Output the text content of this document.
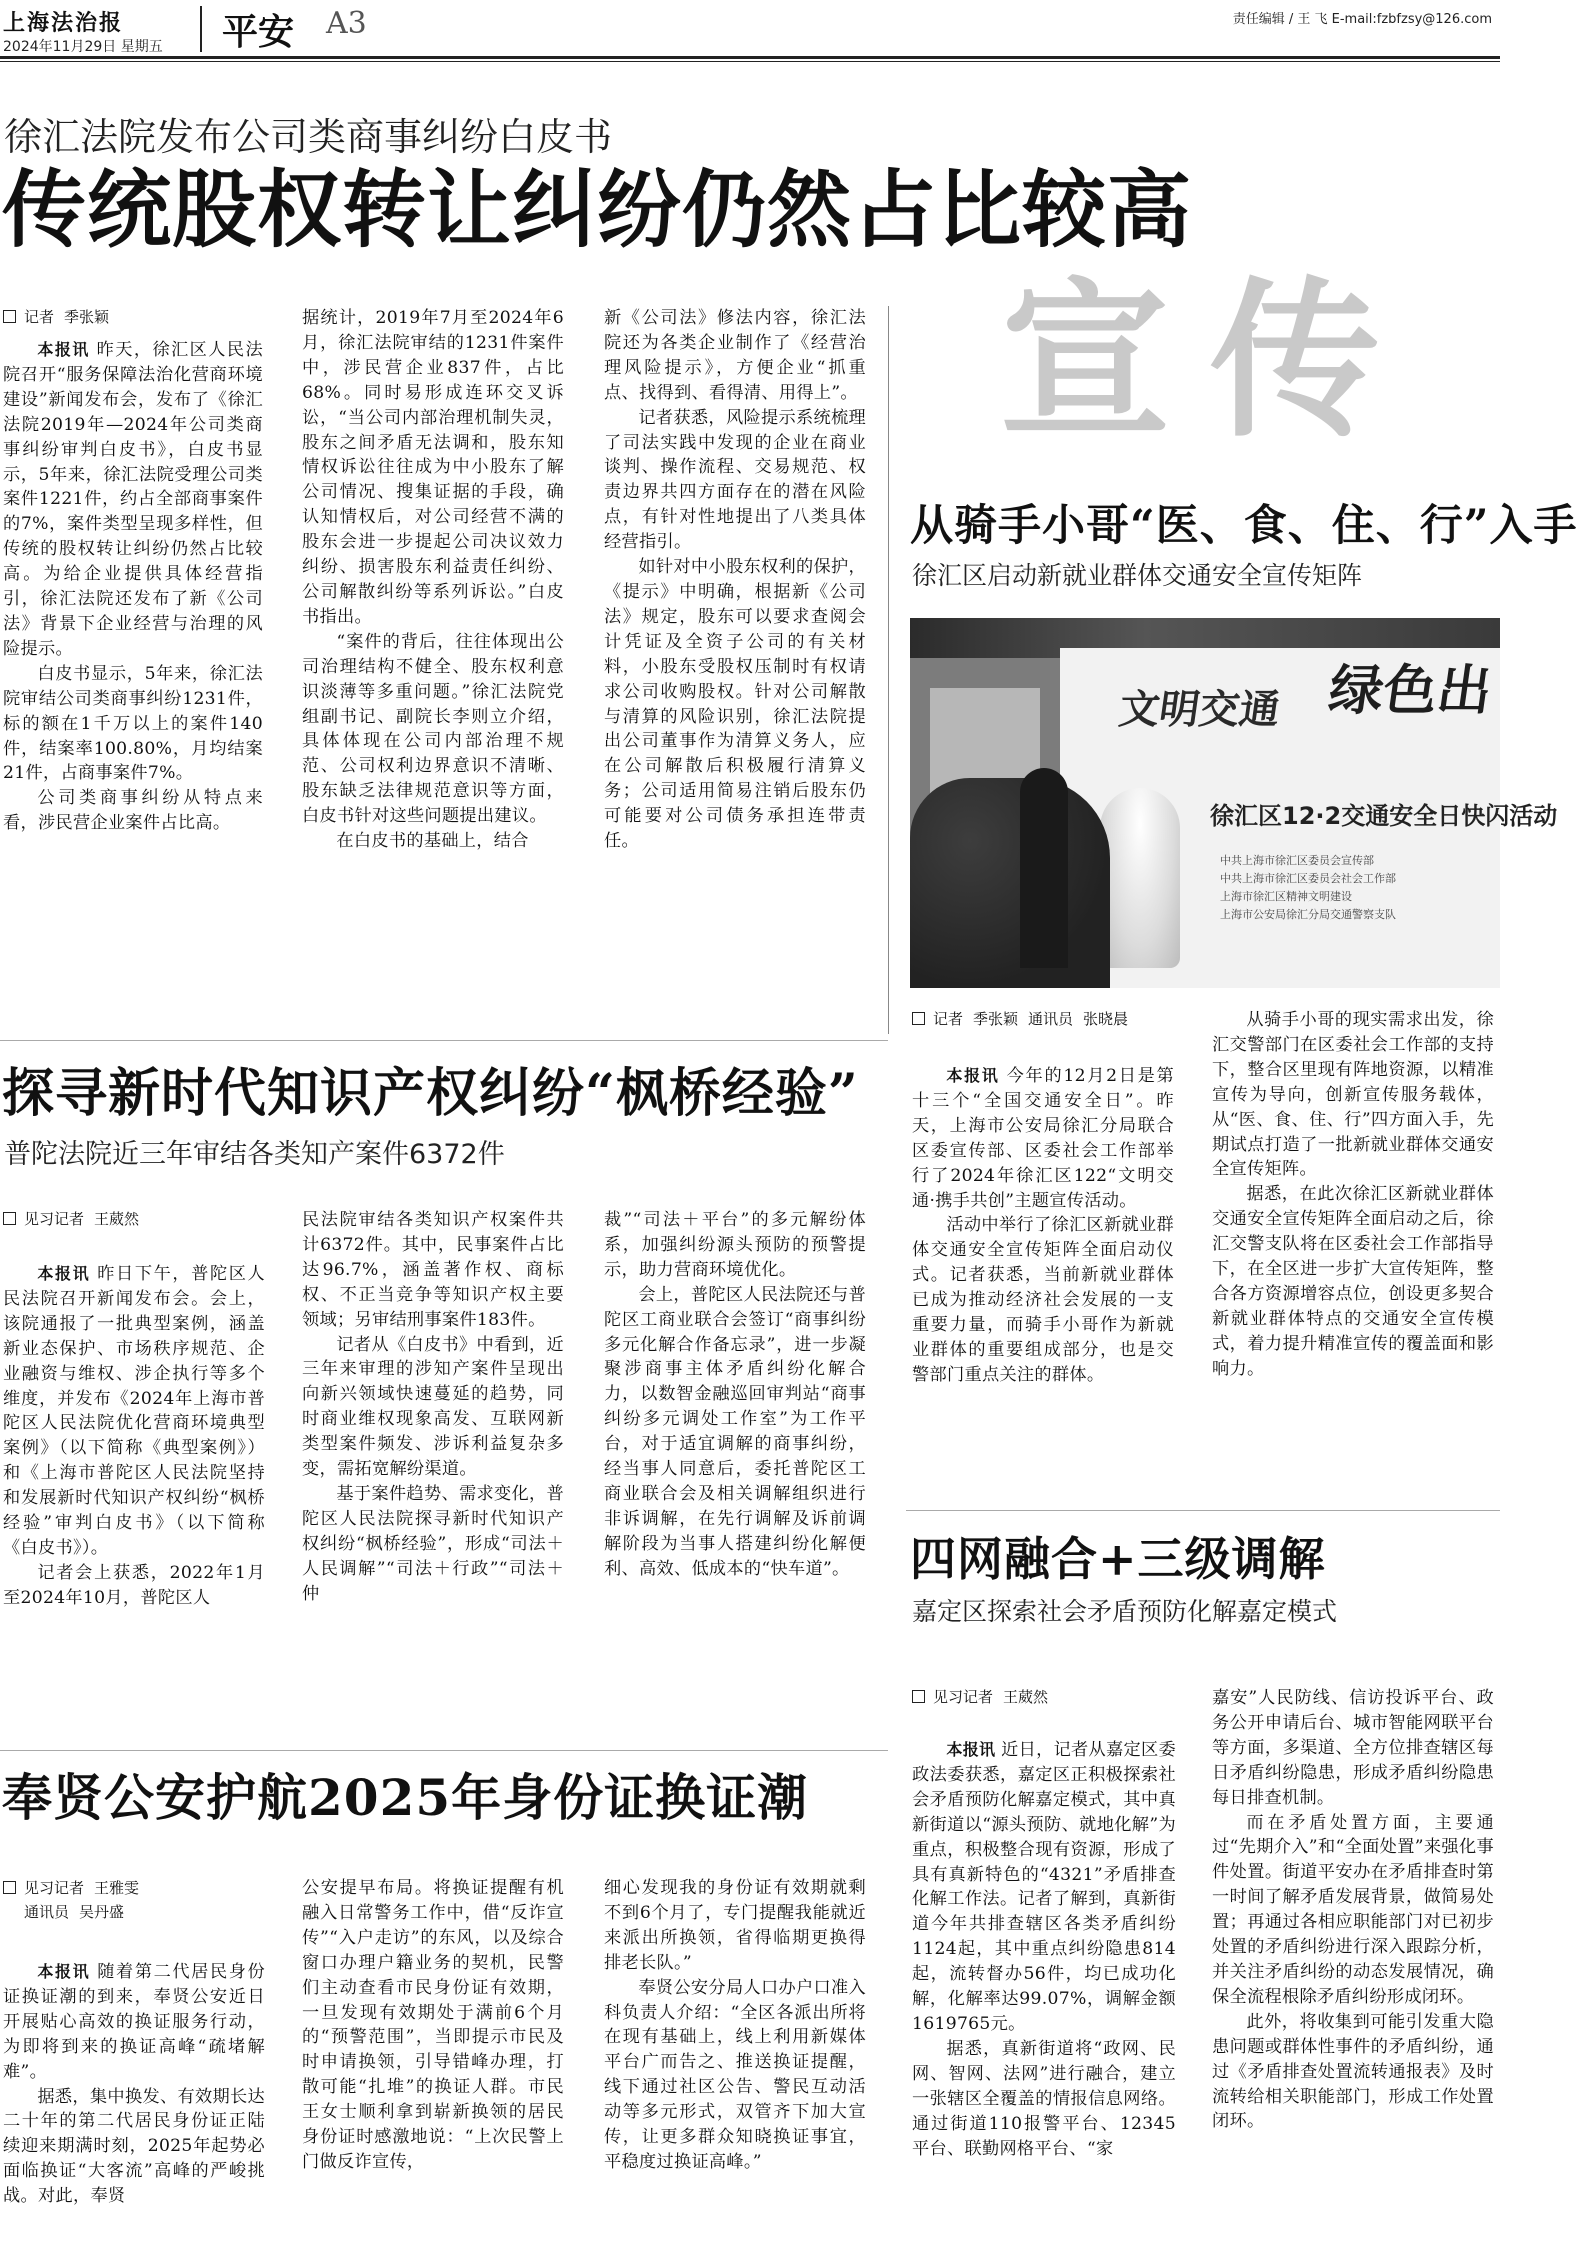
上海法治报
2024年11月29日 星期五 平安 A3	责任编辑 / 王 飞 E-mail:fzbfzsy@126.com
徐汇法院发布公司类商事纠纷白皮书
传统股权转让纠纷仍然占比较高
记者 季张颖

本报讯 昨天，徐汇区人民法院召开“服务保障法治化营商环境建设”新闻发布会，发布了《徐汇法院2019年—2024年公司类商事纠纷审判白皮书》，白皮书显示，5年来，徐汇法院受理公司类案件1221件，约占全部商事案件的7%，案件类型呈现多样性，但传统的股权转让纠纷仍然占比较高。为给企业提供具体经营指引，徐汇法院还发布了新《公司法》背景下企业经营与治理的风险提示。

白皮书显示，5年来，徐汇法院审结公司类商事纠纷1231件，标的额在1千万以上的案件140件，结案率100.80%，月均结案21件，占商事案件7%。

公司类商事纠纷从特点来看，涉民营企业案件占比高。

据统计，2019年7月至2024年6月，徐汇法院审结的1231件案件中，涉民营企业837件，占比68%。同时易形成连环交叉诉讼，“当公司内部治理机制失灵，股东之间矛盾无法调和，股东知情权诉讼往往成为中小股东了解公司情况、搜集证据的手段，确认知情权后，对公司经营不满的股东会进一步提起公司决议效力纠纷、损害股东利益责任纠纷、公司解散纠纷等系列诉讼。”白皮书指出。

“案件的背后，往往体现出公司治理结构不健全、股东权利意识淡薄等多重问题。”徐汇法院党组副书记、副院长李则立介绍，具体体现在公司内部治理不规范、公司权利边界意识不清晰、股东缺乏法律规范意识等方面，白皮书针对这些问题提出建议。

在白皮书的基础上，结合

新《公司法》修法内容，徐汇法院还为各类企业制作了《经营治理风险提示》，方便企业“抓重点、找得到、看得清、用得上”。

记者获悉，风险提示系统梳理了司法实践中发现的企业在商业谈判、操作流程、交易规范、权责边界共四方面存在的潜在风险点，有针对性地提出了八类具体经营指引。

如针对中小股东权利的保护，《提示》中明确，根据新《公司法》规定，股东可以要求查阅会计凭证及全资子公司的有关材料，小股东受股权压制时有权请求公司收购股权。针对公司解散与清算的风险识别，徐汇法院提出公司董事作为清算义务人，应在公司解散后积极履行清算义务；公司适用简易注销后股东仍可能要对公司债务承担连带责任。

宣 传
从骑手小哥“医、食、住、行”入手
徐汇区启动新就业群体交通安全宣传矩阵
文明交通 绿色出
徐汇区12·2交通安全日快闪活动
中共上海市徐汇区委员会宣传部
中共上海市徐汇区委员会社会工作部
上海市徐汇区精神文明建设
上海市公安局徐汇分局交通警察支队
记者 季张颖 通讯员 张晓晨

本报讯 今年的12月2日是第十三个“全国交通安全日”。昨天，上海市公安局徐汇分局联合区委宣传部、区委社会工作部举行了2024年徐汇区122“文明交通·携手共创”主题宣传活动。

活动中举行了徐汇区新就业群体交通安全宣传矩阵全面启动仪式。记者获悉，当前新就业群体已成为推动经济社会发展的一支重要力量，而骑手小哥作为新就业群体的重要组成部分，也是交警部门重点关注的群体。

从骑手小哥的现实需求出发，徐汇交警部门在区委社会工作部的支持下，整合区里现有阵地资源，以精准宣传为导向，创新宣传服务载体，从“医、食、住、行”四方面入手，先期试点打造了一批新就业群体交通安全宣传矩阵。

据悉，在此次徐汇区新就业群体交通安全宣传矩阵全面启动之后，徐汇交警支队将在区委社会工作部指导下，在全区进一步扩大宣传矩阵，整合各方资源增容点位，创设更多契合新就业群体特点的交通安全宣传模式，着力提升精准宣传的覆盖面和影响力。

探寻新时代知识产权纠纷“枫桥经验”
普陀法院近三年审结各类知产案件6372件
见习记者 王葳然

本报讯 昨日下午，普陀区人民法院召开新闻发布会。会上，该院通报了一批典型案例，涵盖新业态保护、市场秩序规范、企业融资与维权、涉企执行等多个维度，并发布《2024年上海市普陀区人民法院优化营商环境典型案例》（以下简称《典型案例》）和《上海市普陀区人民法院坚持和发展新时代知识产权纠纷“枫桥经验”审判白皮书》（以下简称《白皮书》）。

记者会上获悉，2022年1月至2024年10月，普陀区人

民法院审结各类知识产权案件共计6372件。其中，民事案件占比达96.7%，涵盖著作权、商标权、不正当竞争等知识产权主要领域；另审结刑事案件183件。

记者从《白皮书》中看到，近三年来审理的涉知产案件呈现出向新兴领域快速蔓延的趋势，同时商业维权现象高发、互联网新类型案件频发、涉诉利益复杂多变，需拓宽解纷渠道。

基于案件趋势、需求变化，普陀区人民法院探寻新时代知识产权纠纷“枫桥经验”，形成“司法＋人民调解”“司法＋行政”“司法＋仲

裁”“司法＋平台”的多元解纷体系，加强纠纷源头预防的预警提示，助力营商环境优化。

会上，普陀区人民法院还与普陀区工商业联合会签订“商事纠纷多元化解合作备忘录”，进一步凝聚涉商事主体矛盾纠纷化解合力，以数智金融巡回审判站“商事纠纷多元调处工作室”为工作平台，对于适宜调解的商事纠纷，经当事人同意后，委托普陀区工商业联合会及相关调解组织进行非诉调解，在先行调解及诉前调解阶段为当事人搭建纠纷化解便利、高效、低成本的“快车道”。	四网融合+三级调解
嘉定区探索社会矛盾预防化解嘉定模式
见习记者 王葳然

本报讯 近日，记者从嘉定区委政法委获悉，嘉定区正积极探索社会矛盾预防化解嘉定模式，其中真新街道以“源头预防、就地化解”为重点，积极整合现有资源，形成了具有真新特色的“4321”矛盾排查化解工作法。记者了解到，真新街道今年共排查辖区各类矛盾纠纷1124起，其中重点纠纷隐患814起，流转督办56件，均已成功化解，化解率达99.07%，调解金额1619765元。

据悉，真新街道将“政网、民网、智网、法网”进行融合，建立一张辖区全覆盖的情报信息网络。通过街道110报警平台、12345平台、联勤网格平台、“家

嘉安”人民防线、信访投诉平台、政务公开申请后台、城市智能网联平台等方面，多渠道、全方位排查辖区每日矛盾纠纷隐患，形成矛盾纠纷隐患每日排查机制。

而在矛盾处置方面，主要通过“先期介入”和“全面处置”来强化事件处置。街道平安办在矛盾排查时第一时间了解矛盾发展背景，做简易处置；再通过各相应职能部门对已初步处置的矛盾纠纷进行深入跟踪分析，并关注矛盾纠纷的动态发展情况，确保全流程根除矛盾纠纷形成闭环。

此外，将收集到可能引发重大隐患问题或群体性事件的矛盾纠纷，通过《矛盾排查处置流转通报表》及时流转给相关职能部门，形成工作处置闭环。

奉贤公安护航2025年身份证换证潮
见习记者 王雅雯
通讯员 吴丹盛

本报讯 随着第二代居民身份证换证潮的到来，奉贤公安近日开展贴心高效的换证服务行动，为即将到来的换证高峰“疏堵解难”。

据悉，集中换发、有效期长达二十年的第二代居民身份证正陆续迎来期满时刻，2025年起势必面临换证“大客流”高峰的严峻挑战。对此，奉贤

公安提早布局。将换证提醒有机融入日常警务工作中，借“反诈宣传”“入户走访”的东风，以及综合窗口办理户籍业务的契机，民警们主动查看市民身份证有效期，一旦发现有效期处于满前6个月的“预警范围”，当即提示市民及时申请换领，引导错峰办理，打散可能“扎堆”的换证人群。市民王女士顺利拿到崭新换领的居民身份证时感激地说：“上次民警上门做反诈宣传，

细心发现我的身份证有效期就剩不到6个月了，专门提醒我能就近来派出所换领，省得临期更换得排老长队。”

奉贤公安分局人口办户口准入科负责人介绍：“全区各派出所将在现有基础上，线上利用新媒体平台广而告之、推送换证提醒，线下通过社区公告、警民互动活动等多元形式，双管齐下加大宣传，让更多群众知晓换证事宜，平稳度过换证高峰。”
